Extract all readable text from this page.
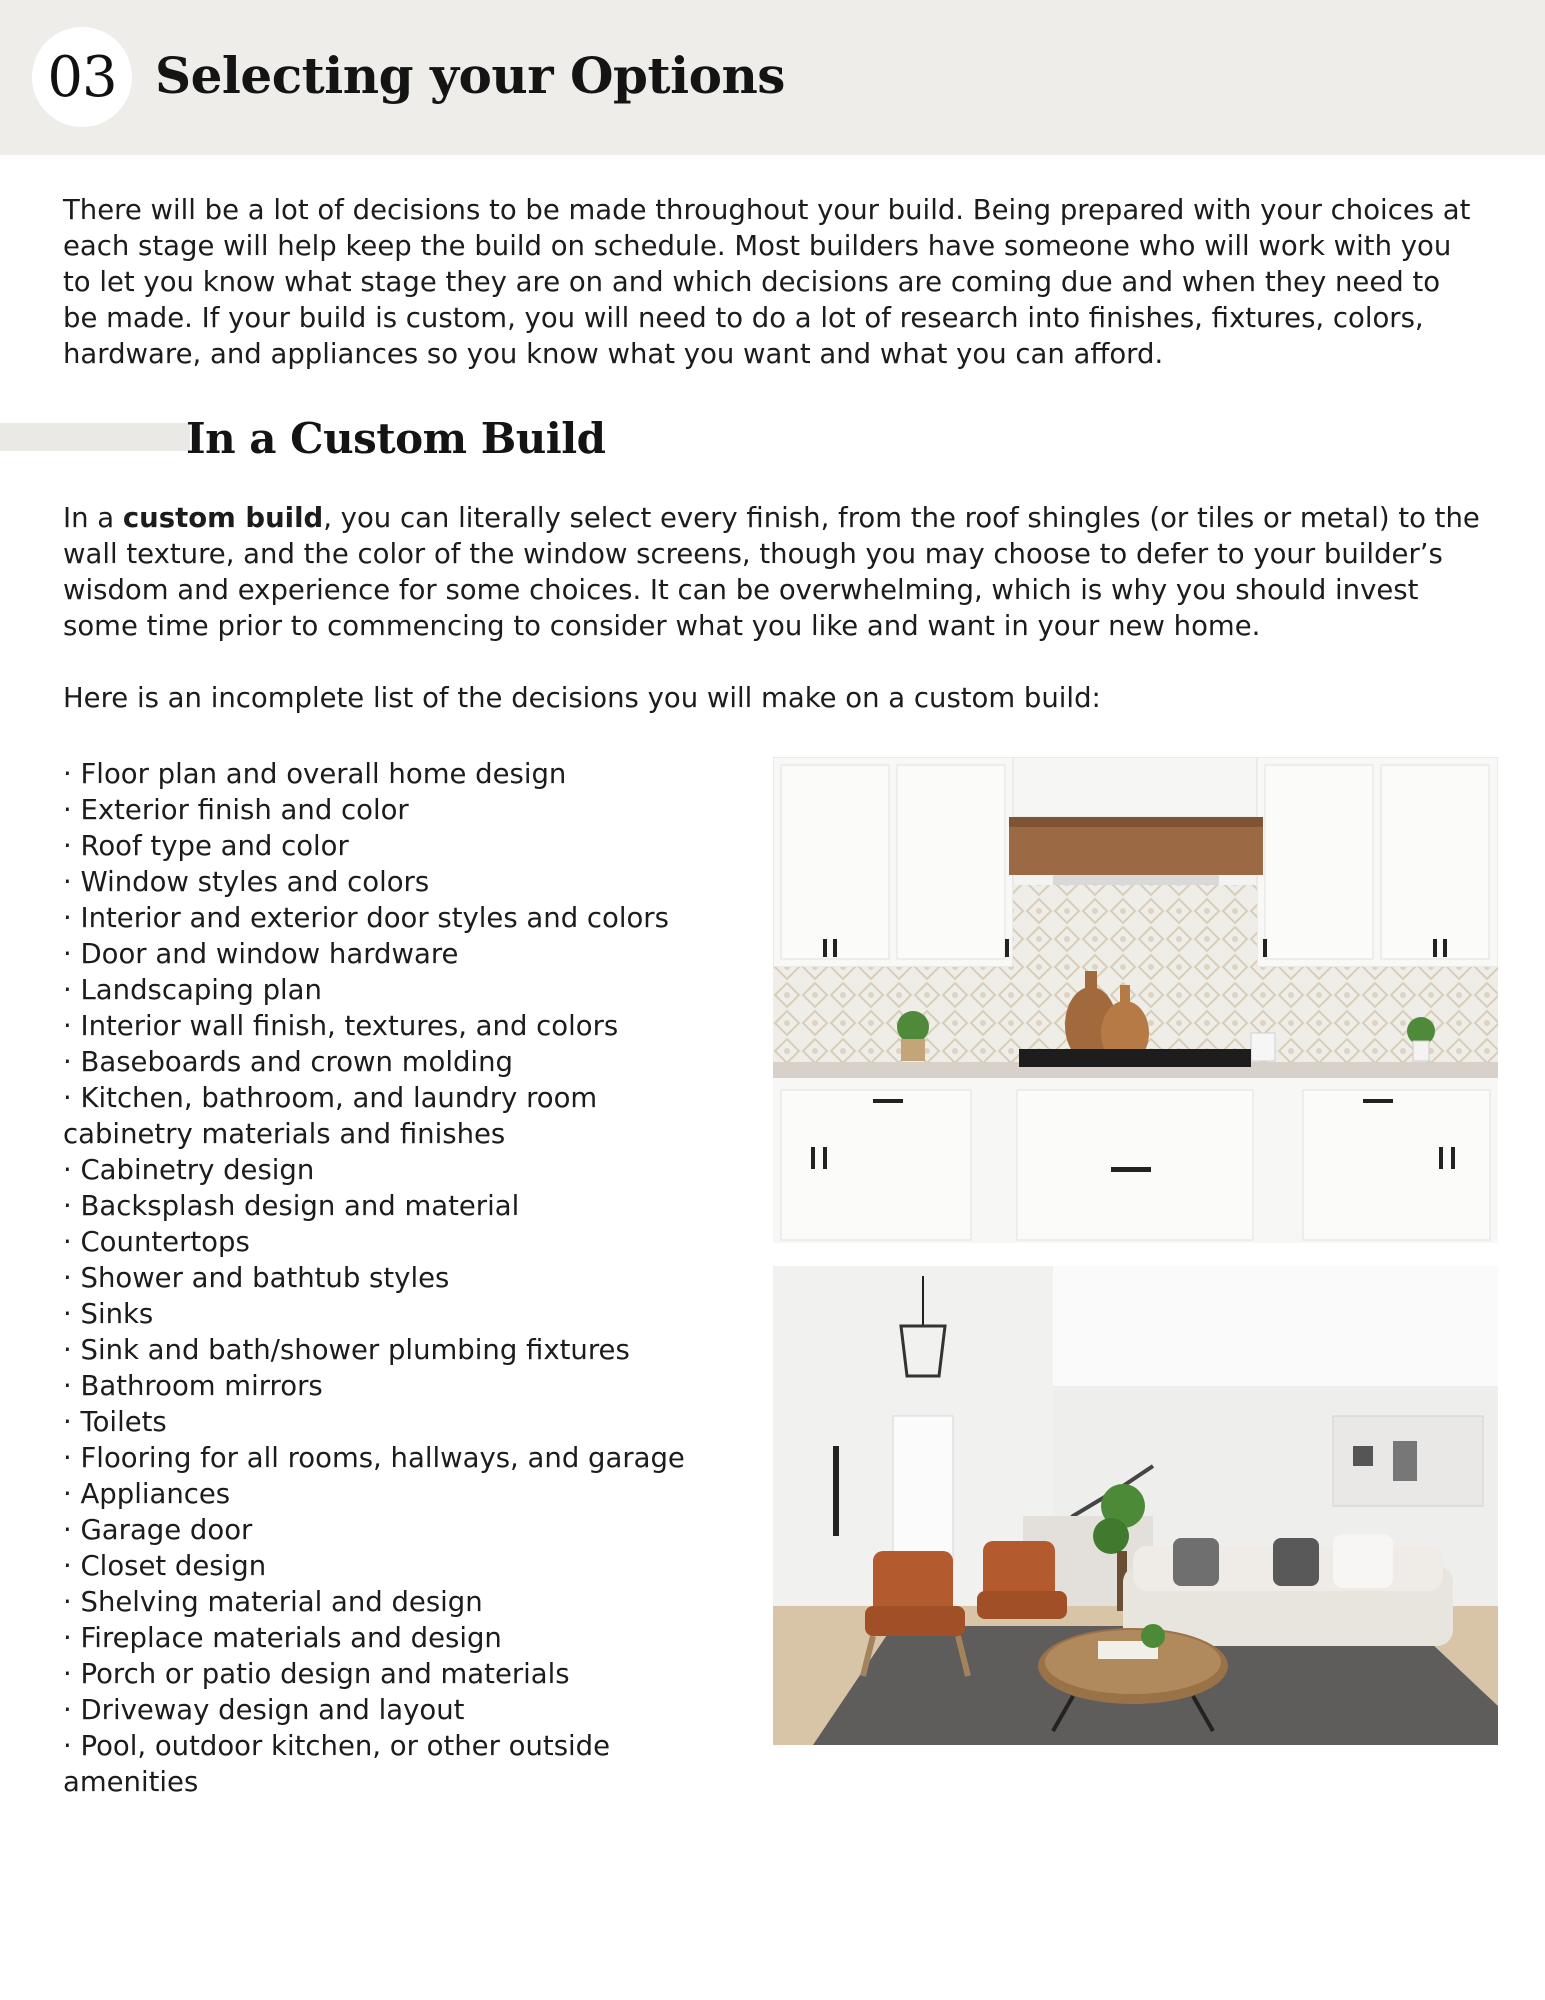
03 Selecting your Options

There will be a lot of decisions to be made throughout your build. Being prepared with your choices at each stage will help keep the build on schedule. Most builders have someone who will work with you to let you know what stage they are on and which decisions are coming due and when they need to be made. If your build is custom, you will need to do a lot of research into finishes, fixtures, colors, hardware, and appliances so you know what you want and what you can afford.

In a Custom Build

In a custom build, you can literally select every finish, from the roof shingles (or tiles or metal) to the wall texture, and the color of the window screens, though you may choose to defer to your builder’s wisdom and experience for some choices. It can be overwhelming, which is why you should invest some time prior to commencing to consider what you like and want in your new home.

Here is an incomplete list of the decisions you will make on a custom build:

· Floor plan and overall home design
· Exterior finish and color
· Roof type and color
· Window styles and colors
· Interior and exterior door styles and colors
· Door and window hardware
· Landscaping plan
· Interior wall finish, textures, and colors
· Baseboards and crown molding
· Kitchen, bathroom, and laundry room cabinetry materials and finishes
· Cabinetry design
· Backsplash design and material
· Countertops
· Shower and bathtub styles
· Sinks
· Sink and bath/shower plumbing fixtures
· Bathroom mirrors
· Toilets
· Flooring for all rooms, hallways, and garage
· Appliances
· Garage door
· Closet design
· Shelving material and design
· Fireplace materials and design
· Porch or patio design and materials
· Driveway design and layout
· Pool, outdoor kitchen, or other outside amenities
